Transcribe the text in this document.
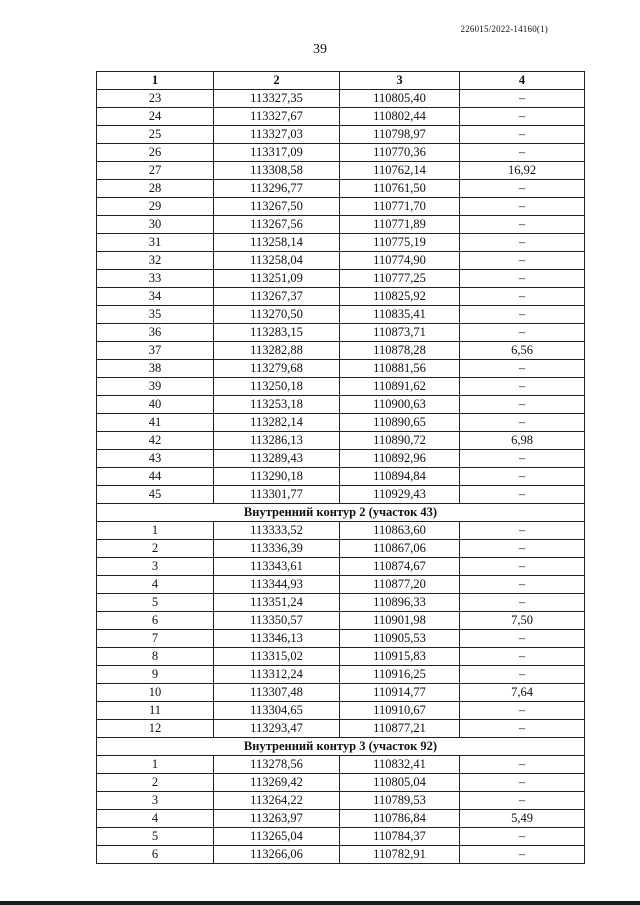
226015/2022-14160(1)
39
1	2	3	4
23	113327,35	110805,40	–
24	113327,67	110802,44	–
25	113327,03	110798,97	–
26	113317,09	110770,36	–
27	113308,58	110762,14	16,92
28	113296,77	110761,50	–
29	113267,50	110771,70	–
30	113267,56	110771,89	–
31	113258,14	110775,19	–
32	113258,04	110774,90	–
33	113251,09	110777,25	–
34	113267,37	110825,92	–
35	113270,50	110835,41	–
36	113283,15	110873,71	–
37	113282,88	110878,28	6,56
38	113279,68	110881,56	–
39	113250,18	110891,62	–
40	113253,18	110900,63	–
41	113282,14	110890,65	–
42	113286,13	110890,72	6,98
43	113289,43	110892,96	–
44	113290,18	110894,84	–
45	113301,77	110929,43	–
Внутренний контур 2 (участок 43)			
1	113333,52	110863,60	–
2	113336,39	110867,06	–
3	113343,61	110874,67	–
4	113344,93	110877,20	–
5	113351,24	110896,33	–
6	113350,57	110901,98	7,50
7	113346,13	110905,53	–
8	113315,02	110915,83	–
9	113312,24	110916,25	–
10	113307,48	110914,77	7,64
11	113304,65	110910,67	–
12	113293,47	110877,21	–
Внутренний контур 3 (участок 92)			
1	113278,56	110832,41	–
2	113269,42	110805,04	–
3	113264,22	110789,53	–
4	113263,97	110786,84	5,49
5	113265,04	110784,37	–
6	113266,06	110782,91	–
